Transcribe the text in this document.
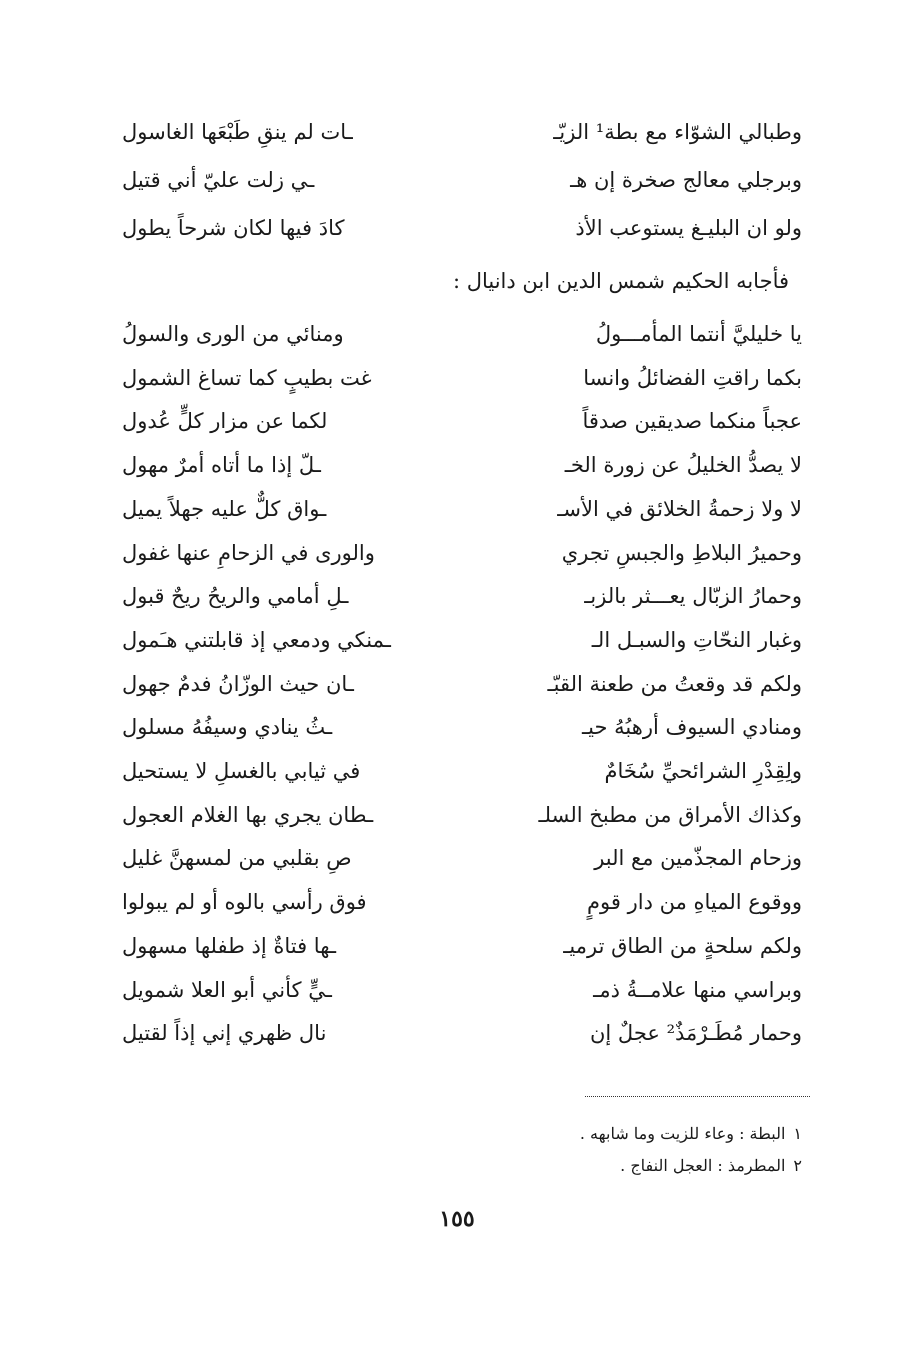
وطبالي الشوّاء مع بطة¹ الزيّـ
ـات لم ينقِ طَبْعَها الغاسول
وبرجلي معالج صخرة إن هـ
ـي زلت عليّ أني قتيل
ولو ان البليـغ يستوعب الأذ
كادَ فيها لكان شرحاً يطول
فأجابه الحكيم شمس الدين ابن دانيال :
يا خليليَّ أنتما المأمـــولُ
ومنائي من الورى والسولُ
بكما راقتِ الفضائلُ وانسا
غت بطيبٍ كما تساغ الشمول
عجباً منكما صديقين صدقاً
لكما عن مزار كلٍّ عُدول
لا يصدُّ الخليلُ عن زورة الخـ
ـلّ إذا ما أتاه أمرٌ مهول
لا ولا زحمةُ الخلائق في الأسـ
ـواق كلٌّ عليه جهلاً يميل
وحميرُ البلاطِ والجبسِ تجري
والورى في الزحامِ عنها غفول
وحمارُ الزبّال يعـــثر بالزبـ
ـلِ أمامي والريحُ ريحٌ قبول
وغبار النحّاتِ والسبـل الـ
ـمنكي ودمعي إذ قابلتني هـَمول
ولكم قد وقعتُ من طعنة القبّـ
ـان حيث الوزّانُ فدمٌ جهول
ومنادي السيوف أرهبُهُ حيـ
ـثُ ينادي وسيفُهُ مسلول
ولِقِدْرِ الشرائحيِّ سُخَامٌ
في ثيابي بالغسلِ لا يستحيل
وكذاك الأمراق من مطبخ السلـ
ـطان يجري بها الغلام العجول
وزحام المجذّمين مع البر
صِ بقلبي من لمسهنَّ غليل
ووقوع المياهِ من دار قومٍ
فوق رأسي بالوه أو لم يبولوا
ولكم سلحةٍ من الطاق ترميـ
ـها فتاةٌ إذ طفلها مسهول
وبراسي منها علامــةُ ذمـ
ـيٍّ كأني أبو العلا شمويل
وحمار مُطَـرْمَذٌ² عجلٌ إن
نال ظهري إني إذاً لقتيل
١البطة : وعاء للزيت وما شابهه .
٢المطرمذ : العجل النفاج .
١٥٥
